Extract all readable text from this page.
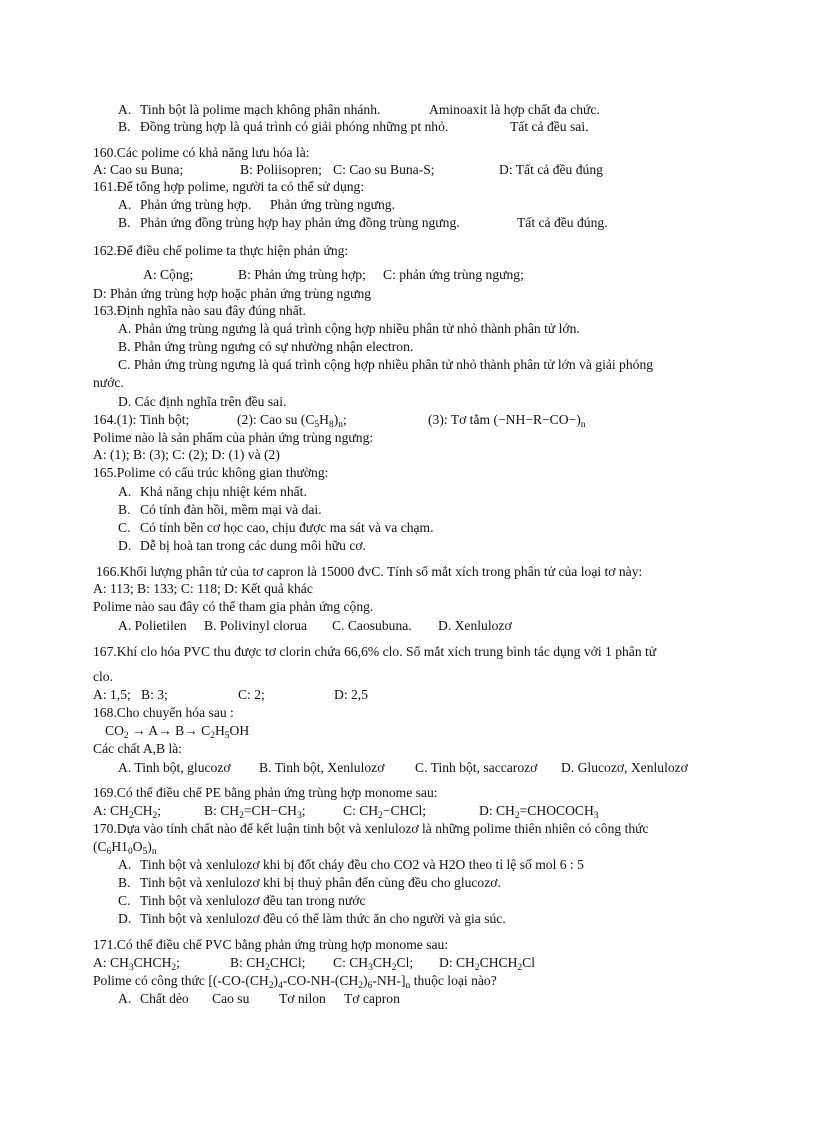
A. Tinh bột là polime mạch không phân nhánh.	Aminoaxit là hợp chất đa chức.
B. Đồng trùng hợp là quá trình có giải phóng những pt nhỏ.	Tất cả đều sai.
160.Các polime có khả năng lưu hóa là:
A: Cao su Buna;	B: Poliisopren; C: Cao su Buna-S;	D: Tất cả đều đúng
161.Để tổng hợp polime, người ta có thể sử dụng:
A. Phản ứng trùng hợp. Phản ứng trùng ngưng.
B. Phản ứng đồng trùng hợp hay phản ứng đồng trùng ngưng.	Tất cả đều đúng.
162.Để điều chế polime ta thực hiện phản ứng:
A: Cộng;	B: Phản ứng trùng hợp; C: phản ứng trùng ngưng;
D: Phản ứng trùng hợp hoặc phản ứng trùng ngưng
163.Định nghĩa nào sau đây đúng nhất.
A. Phản ứng trùng ngưng là quá trình cộng hợp nhiều phân tử nhỏ thành phân tử lớn.
B. Phản ứng trùng ngưng có sự nhường nhận electron.
C. Phản ứng trùng ngưng là quá trình cộng hợp nhiều phân tử nhỏ thành phân tử lớn và giải phóng
nước.
D. Các định nghĩa trên đều sai.
164.(1): Tinh bột;	(2): Cao su $(C_5H_8)_n$;	(3): Tơ tằm $(-NH-R-CO-)_n$
Polime nào là sản phẩm của phản ứng trùng ngưng:
A: (1); B: (3); C: (2); D: (1) và (2)
165.Polime có cấu trúc không gian thường:
A. Khả năng chịu nhiệt kém nhất.
B. Có tính đàn hồi, mềm mại và dai.
C. Có tính bền cơ học cao, chịu được ma sát và va chạm.
D. Dễ bị hoà tan trong các dung môi hữu cơ.
166.Khối lượng phân tử của tơ capron là 15000 đvC. Tính số mắt xích trong phân tử của loại tơ này:
A: 113; B: 133; C: 118; D: Kết quả khác
Polime nào sau đây có thể tham gia phản ứng cộng.
A. Polietilen B. Polivinyl clorua C. Caosubuna. D. Xenlulozơ
167.Khí clo hóa PVC thu được tơ clorin chứa 66,6% clo. Số mắt xích trung bình tác dụng với 1 phân tử
clo.
A: 1,5; B: 3;	C: 2;	D: 2,5
168.Cho chuyển hóa sau :
$CO_2 \to A\to B\to C_2H_5OH$
Các chất A,B là:
A. Tinh bột, glucozơ B. Tinh bột, Xenlulozơ C. Tinh bột, saccarozơ D. Glucozơ, Xenlulozơ
169.Có thể điều chế PE bằng phản ứng trùng hợp monome sau:
A: $CH_2CH_2$;	B: $CH_2=CH-CH_3$;	C: $CH_2-CHCl$;	D: $CH_2=CHOCOCH_3$
170.Dựa vào tính chất nào để kết luận tinh bột và xenlulozơ là những polime thiên nhiên có công thức
$(C_6H1_0O_5)_n$
A. Tinh bột và xenlulozơ khi bị đốt cháy đều cho CO2 và H2O theo tỉ lệ số mol 6 : 5
B. Tinh bột và xenlulozơ khi bị thuỷ phân đến cùng đều cho glucozơ.
C. Tinh bột và xenlulozơ đều tan trong nước
D. Tinh bột và xenlulozơ đều có thể làm thức ăn cho người và gia súc.
171.Có thể điều chế PVC bằng phản ứng trùng hợp monome sau:
A: $CH_3CHCH_2$;	B: $CH_2CHCl$; C: $CH_3CH_2Cl$; D: $CH_2CHCH_2Cl$
Polime có công thức [$(-CO-(CH_2)_4-CO-NH-(CH_2)_6-NH-]_n$ thuộc loại nào?
A. Chất dẻo Cao su Tơ nilon Tơ capron
